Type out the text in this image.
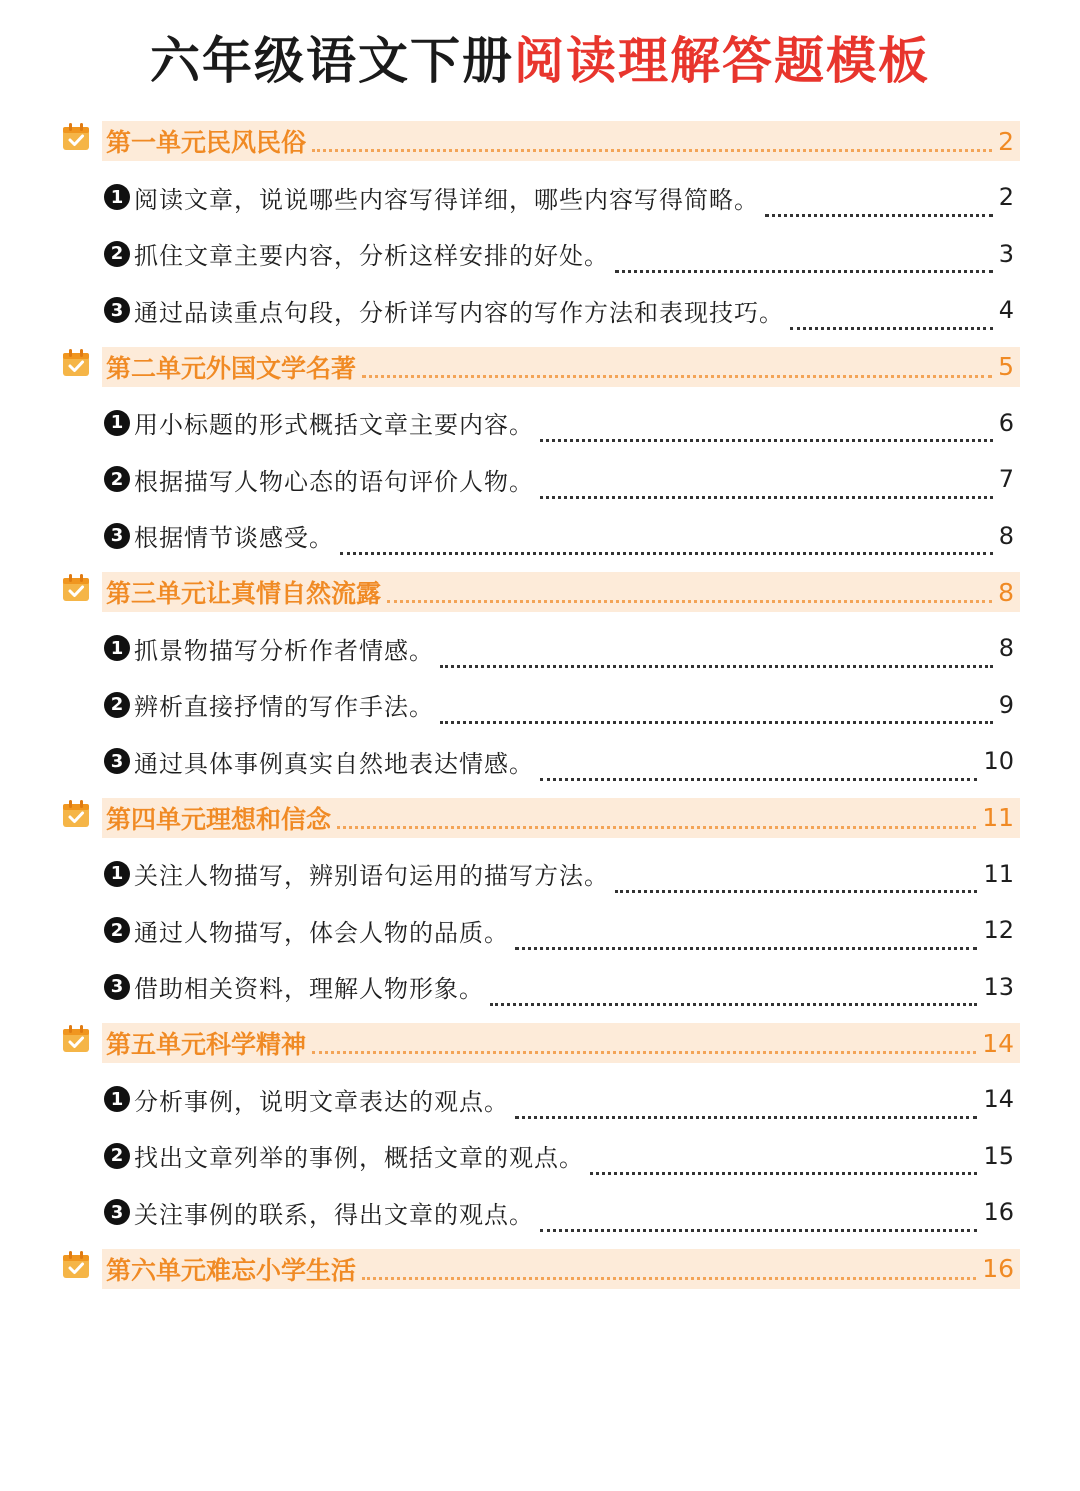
六年级语文下册阅读理解答题模板
第一单元民风民俗	2
1 阅读文章，说说哪些内容写得详细，哪些内容写得简略。	2
2 抓住文章主要内容，分析这样安排的好处。	3
3 通过品读重点句段，分析详写内容的写作方法和表现技巧。	4
第二单元外国文学名著	5
1 用小标题的形式概括文章主要内容。	6
2 根据描写人物心态的语句评价人物。	7
3 根据情节谈感受。	8
第三单元让真情自然流露	8
1 抓景物描写分析作者情感。	8
2 辨析直接抒情的写作手法。	9
3 通过具体事例真实自然地表达情感。	10
第四单元理想和信念	11
1 关注人物描写，辨别语句运用的描写方法。	11
2 通过人物描写，体会人物的品质。	12
3 借助相关资料，理解人物形象。	13
第五单元科学精神	14
1 分析事例，说明文章表达的观点。	14
2 找出文章列举的事例，概括文章的观点。	15
3 关注事例的联系，得出文章的观点。	16
第六单元难忘小学生活	16
